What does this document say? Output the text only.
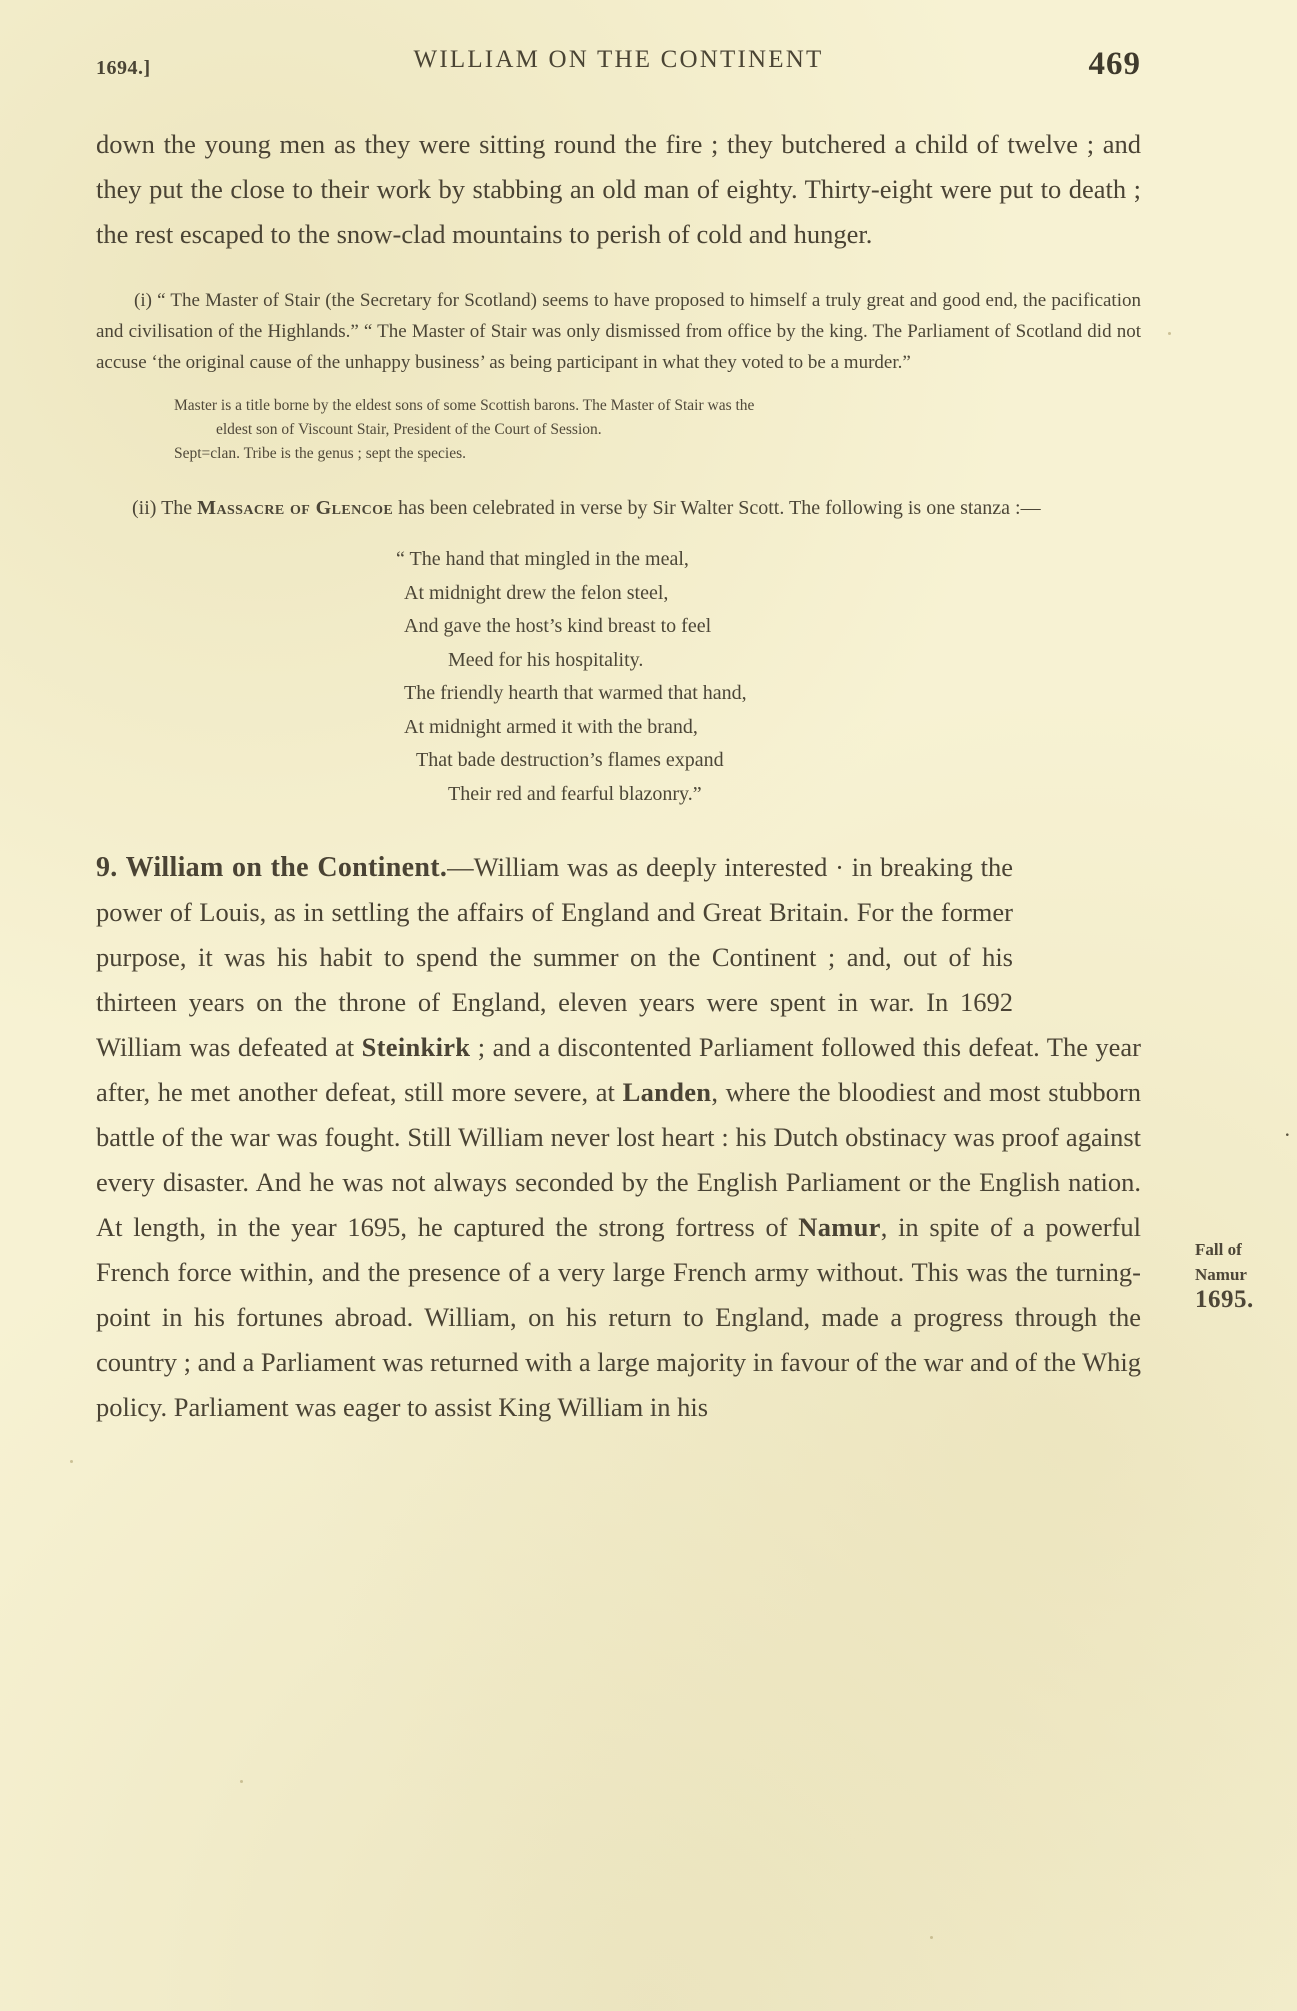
1694.]	WILLIAM ON THE CONTINENT	469

down the young men as they were sitting round the fire ; they butchered a child of twelve ; and they put the close to their work by stabbing an old man of eighty. Thirty-eight were put to death ; the rest escaped to the snow-clad mountains to perish of cold and hunger.

(i) “ The Master of Stair (the Secretary for Scotland) seems to have proposed to himself a truly great and good end, the pacification and civilisation of the Highlands.” “ The Master of Stair was only dismissed from office by the king. The Parliament of Scotland did not accuse ‘the original cause of the unhappy business’ as being participant in what they voted to be a murder.”

Master is a title borne by the eldest sons of some Scottish barons. The Master of Stair was the

eldest son of Viscount Stair, President of the Court of Session.
Sept=clan. Tribe is the genus ; sept the species.

(ii) The Massacre of Glencoe has been celebrated in verse by Sir Walter Scott. The following is one stanza :—

“ The hand that mingled in the meal,
At midnight drew the felon steel,
And gave the host’s kind breast to feel
Meed for his hospitality.
The friendly hearth that warmed that hand,
At midnight armed it with the brand,
That bade destruction’s flames expand
Their red and fearful blazonry.”
9. William on the Continent.—William was as deeply interested · in breaking the power of Louis, as in settling the affairs of England and Great Britain. For the former purpose, it was his habit to spend the summer on the Continent ; and, out of his thirteen years on the throne of England, eleven years were spent in war. In 1692 William was defeated at Steinkirk ; and a discontented Parliament followed this defeat. The year after, he met another defeat, still more severe, at Landen, where the bloodiest and most stubborn battle of the war was fought. Still William never lost heart : his Dutch obstinacy was proof against every disaster. And he was not always seconded by the English Parliament or the English nation. At length, in the year 1695, he captured the strong fortress of Namur, in spite of a powerful French force within, and the presence of a very large French army without. This was the turning-point in his fortunes abroad. William, on his return to England, made a progress through the country ; and a Parliament was returned with a large majority in favour of the war and of the Whig policy. Parliament was eager to assist King William in his
Fall of
Namur
1695.
·
